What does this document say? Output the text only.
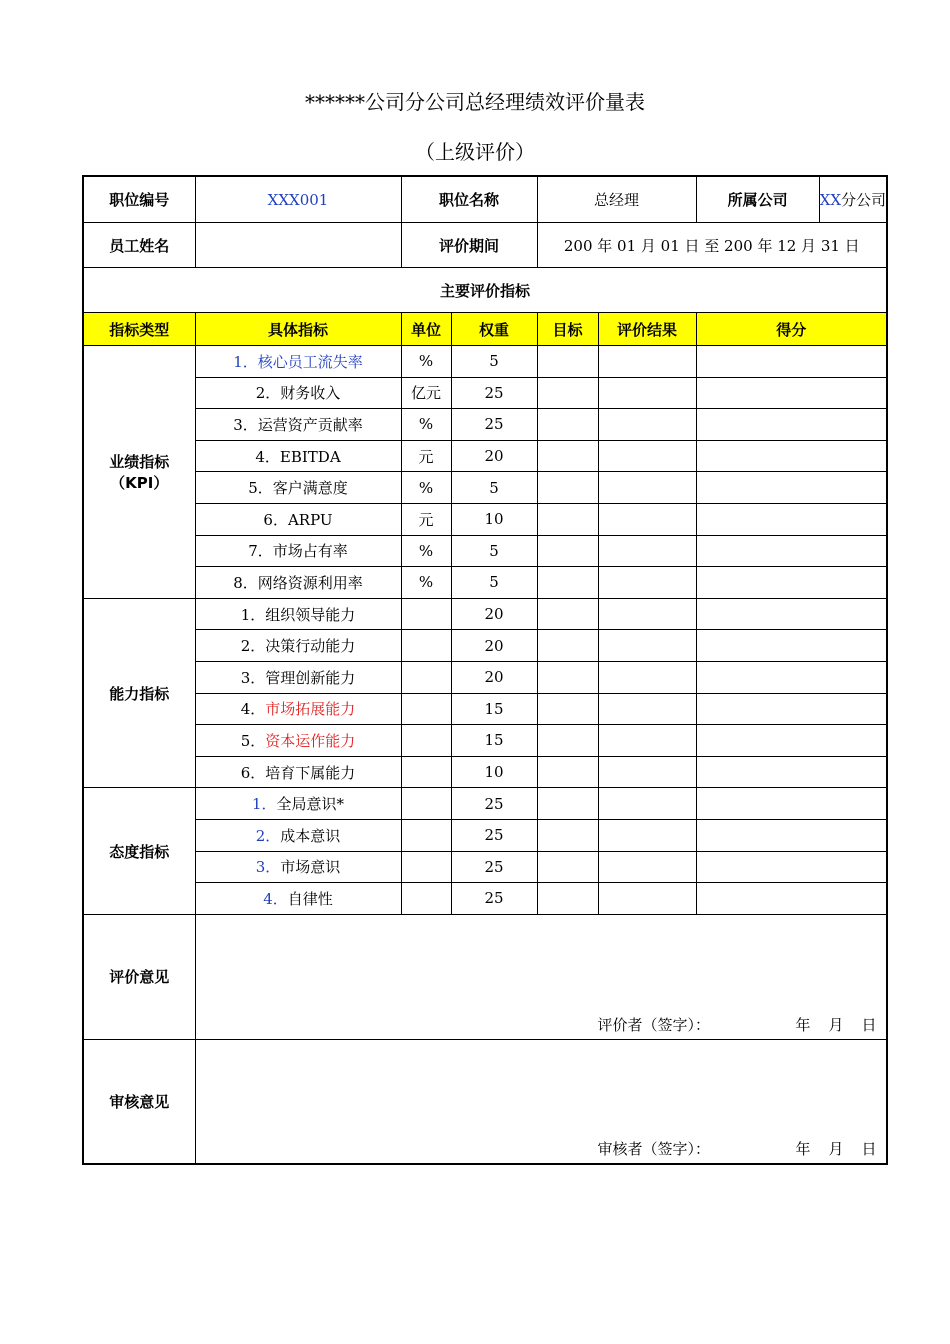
******公司分公司总经理绩效评价量表
（上级评价）
职位编号	XXX001	职位名称		总经理		所属公司 XX 分公司

员工姓名		评价期间		200 年 01 月 01 日 至 200 年 12 月 31 日		
主要评价指标						
指标类型	具体指标	单位	权重	目标	评价结果	得分

业绩指标
（KPI）	1．核心员工流失率	%	5			
	2．财务收入	亿元	25			
	3．运营资产贡献率	%	25			
	4．EBITDA	元	20			
	5．客户满意度	%	5			
	6．ARPU	元	10			
	7．市场占有率	%	5			
	8．网络资源利用率	%	5			
能力指标	1．组织领导能力		20			
	2．决策行动能力		20			
	3．管理创新能力		20			
	4．市场拓展能力		15			
	5．资本运作能力		15			
	6．培育下属能力		10			
态度指标	1．全局意识*		25			
	2．成本意识		25			
	3．市场意识		25			
	4．自律性		25			
评价意见	评价者（签字）： 年 月 日					

审核意见	审核者（签字）： 年 月 日					
